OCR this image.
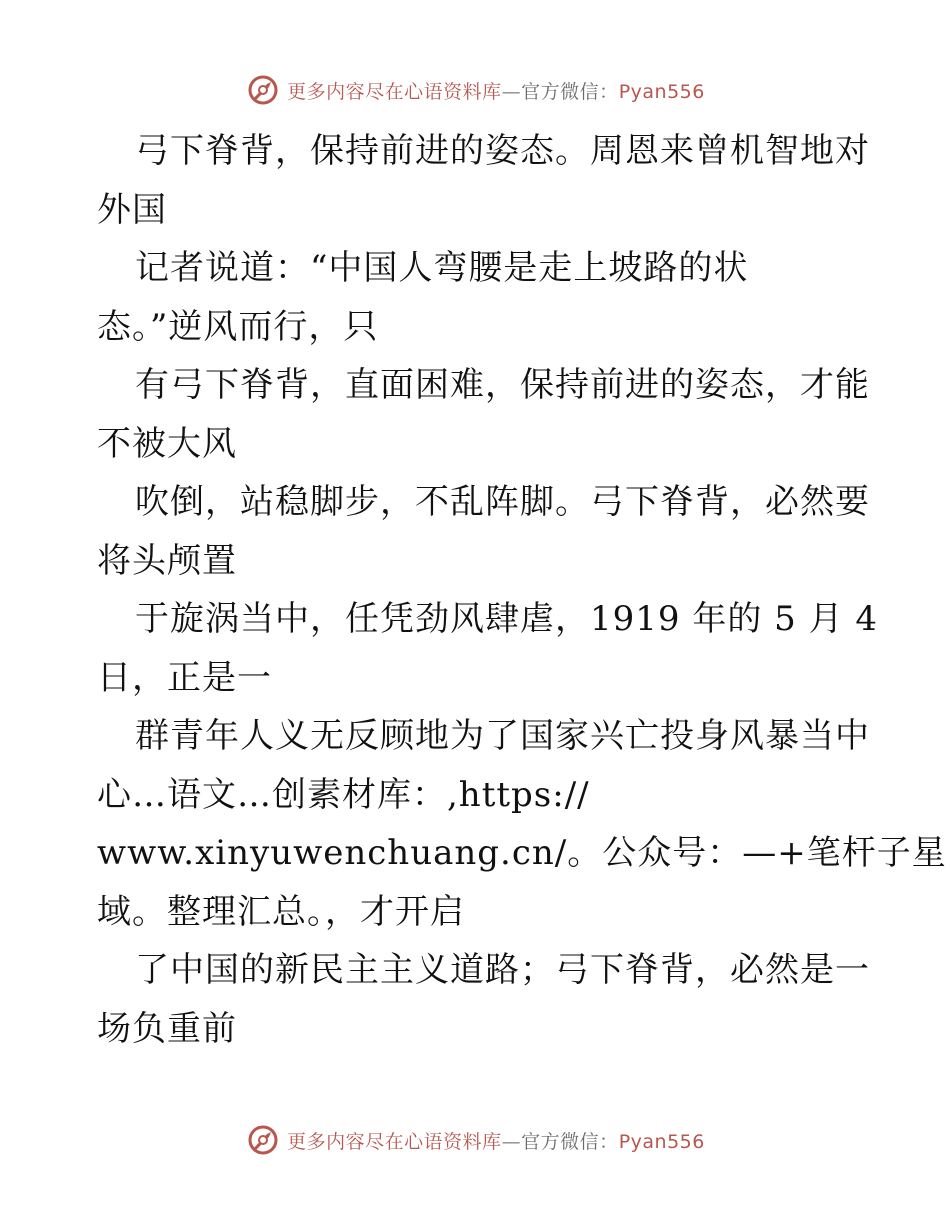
更多内容尽在心语资料库—官方微信：Pyan556
弓下脊背，保持前进的姿态。周恩来曾机智地对
外国
记者说道：“中国人弯腰是走上坡路的状
态。”逆风而行，只
有弓下脊背，直面困难，保持前进的姿态，才能
不被大风
吹倒，站稳脚步，不乱阵脚。弓下脊背，必然要
将头颅置
于旋涡当中，任凭劲风肆虐，1919 年的 5 月 4
日，正是一
群青年人义无反顾地为了国家兴亡投身风暴当中
心…语文…创素材库：,https://
www.xinyuwenchuang.cn/。公众号：—+笔杆子星
域。整理汇总。，才开启
了中国的新民主主义道路；弓下脊背，必然是一
场负重前
更多内容尽在心语资料库—官方微信：Pyan556
